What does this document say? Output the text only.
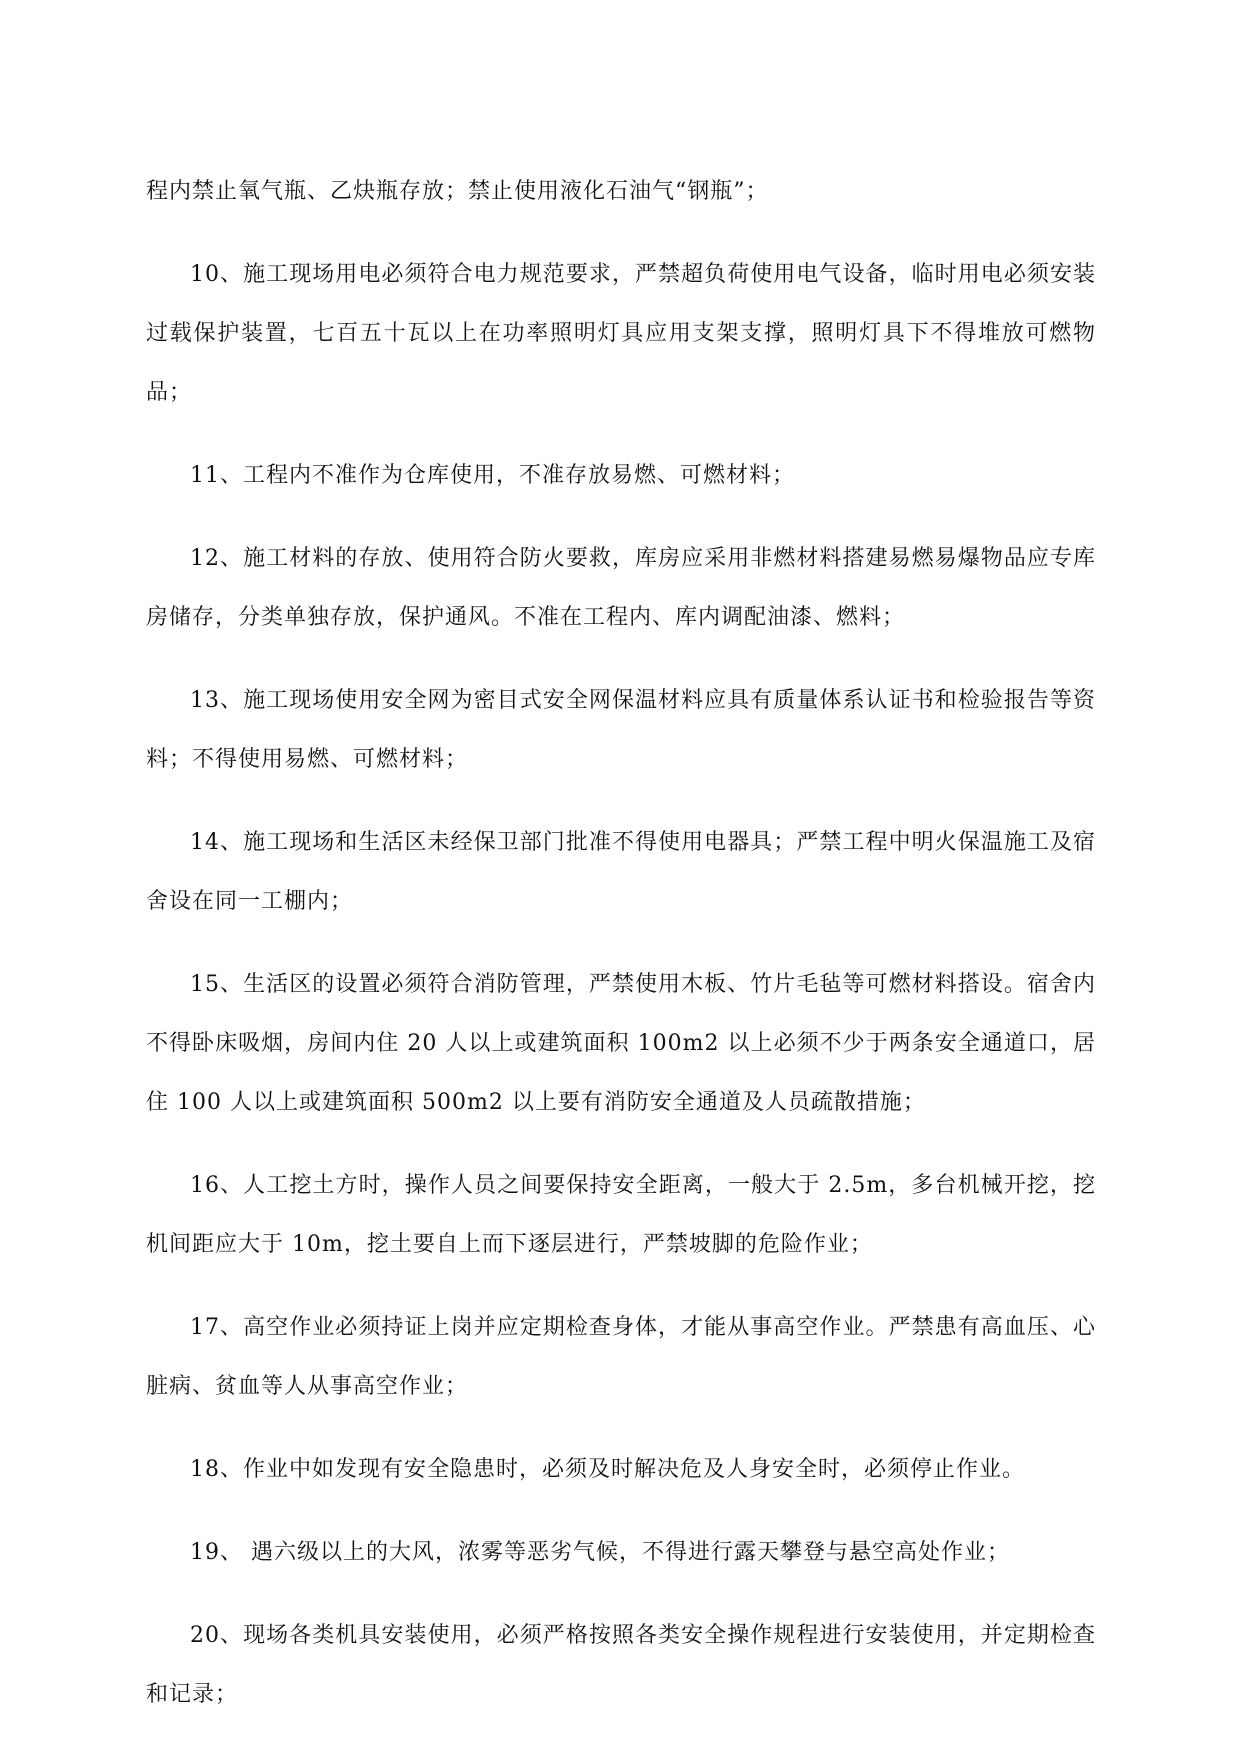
程内禁止氧气瓶、乙炔瓶存放；禁止使用液化石油气“钢瓶”；

10、施工现场用电必须符合电力规范要求，严禁超负荷使用电气设备，临时用电必须安装过载保护装置，七百五十瓦以上在功率照明灯具应用支架支撑，照明灯具下不得堆放可燃物品；

11、工程内不准作为仓库使用，不准存放易燃、可燃材料；

12、施工材料的存放、使用符合防火要救，库房应采用非燃材料搭建易燃易爆物品应专库房储存，分类单独存放，保护通风。不准在工程内、库内调配油漆、燃料；

13、施工现场使用安全网为密目式安全网保温材料应具有质量体系认证书和检验报告等资料；不得使用易燃、可燃材料；

14、施工现场和生活区未经保卫部门批准不得使用电器具；严禁工程中明火保温施工及宿舍设在同一工棚内；

15、生活区的设置必须符合消防管理，严禁使用木板、竹片毛毡等可燃材料搭设。宿舍内不得卧床吸烟，房间内住 20 人以上或建筑面积 100m2 以上必须不少于两条安全通道口，居住 100 人以上或建筑面积 500m2 以上要有消防安全通道及人员疏散措施；

16、人工挖土方时，操作人员之间要保持安全距离，一般大于 2.5m，多台机械开挖，挖机间距应大于 10m，挖土要自上而下逐层进行，严禁坡脚的危险作业；

17、高空作业必须持证上岗并应定期检查身体，才能从事高空作业。严禁患有高血压、心脏病、贫血等人从事高空作业；

18、作业中如发现有安全隐患时，必须及时解决危及人身安全时，必须停止作业。

19、 遇六级以上的大风，浓雾等恶劣气候，不得进行露天攀登与悬空高处作业；

20、现场各类机具安装使用，必须严格按照各类安全操作规程进行安装使用，并定期检查和记录；
